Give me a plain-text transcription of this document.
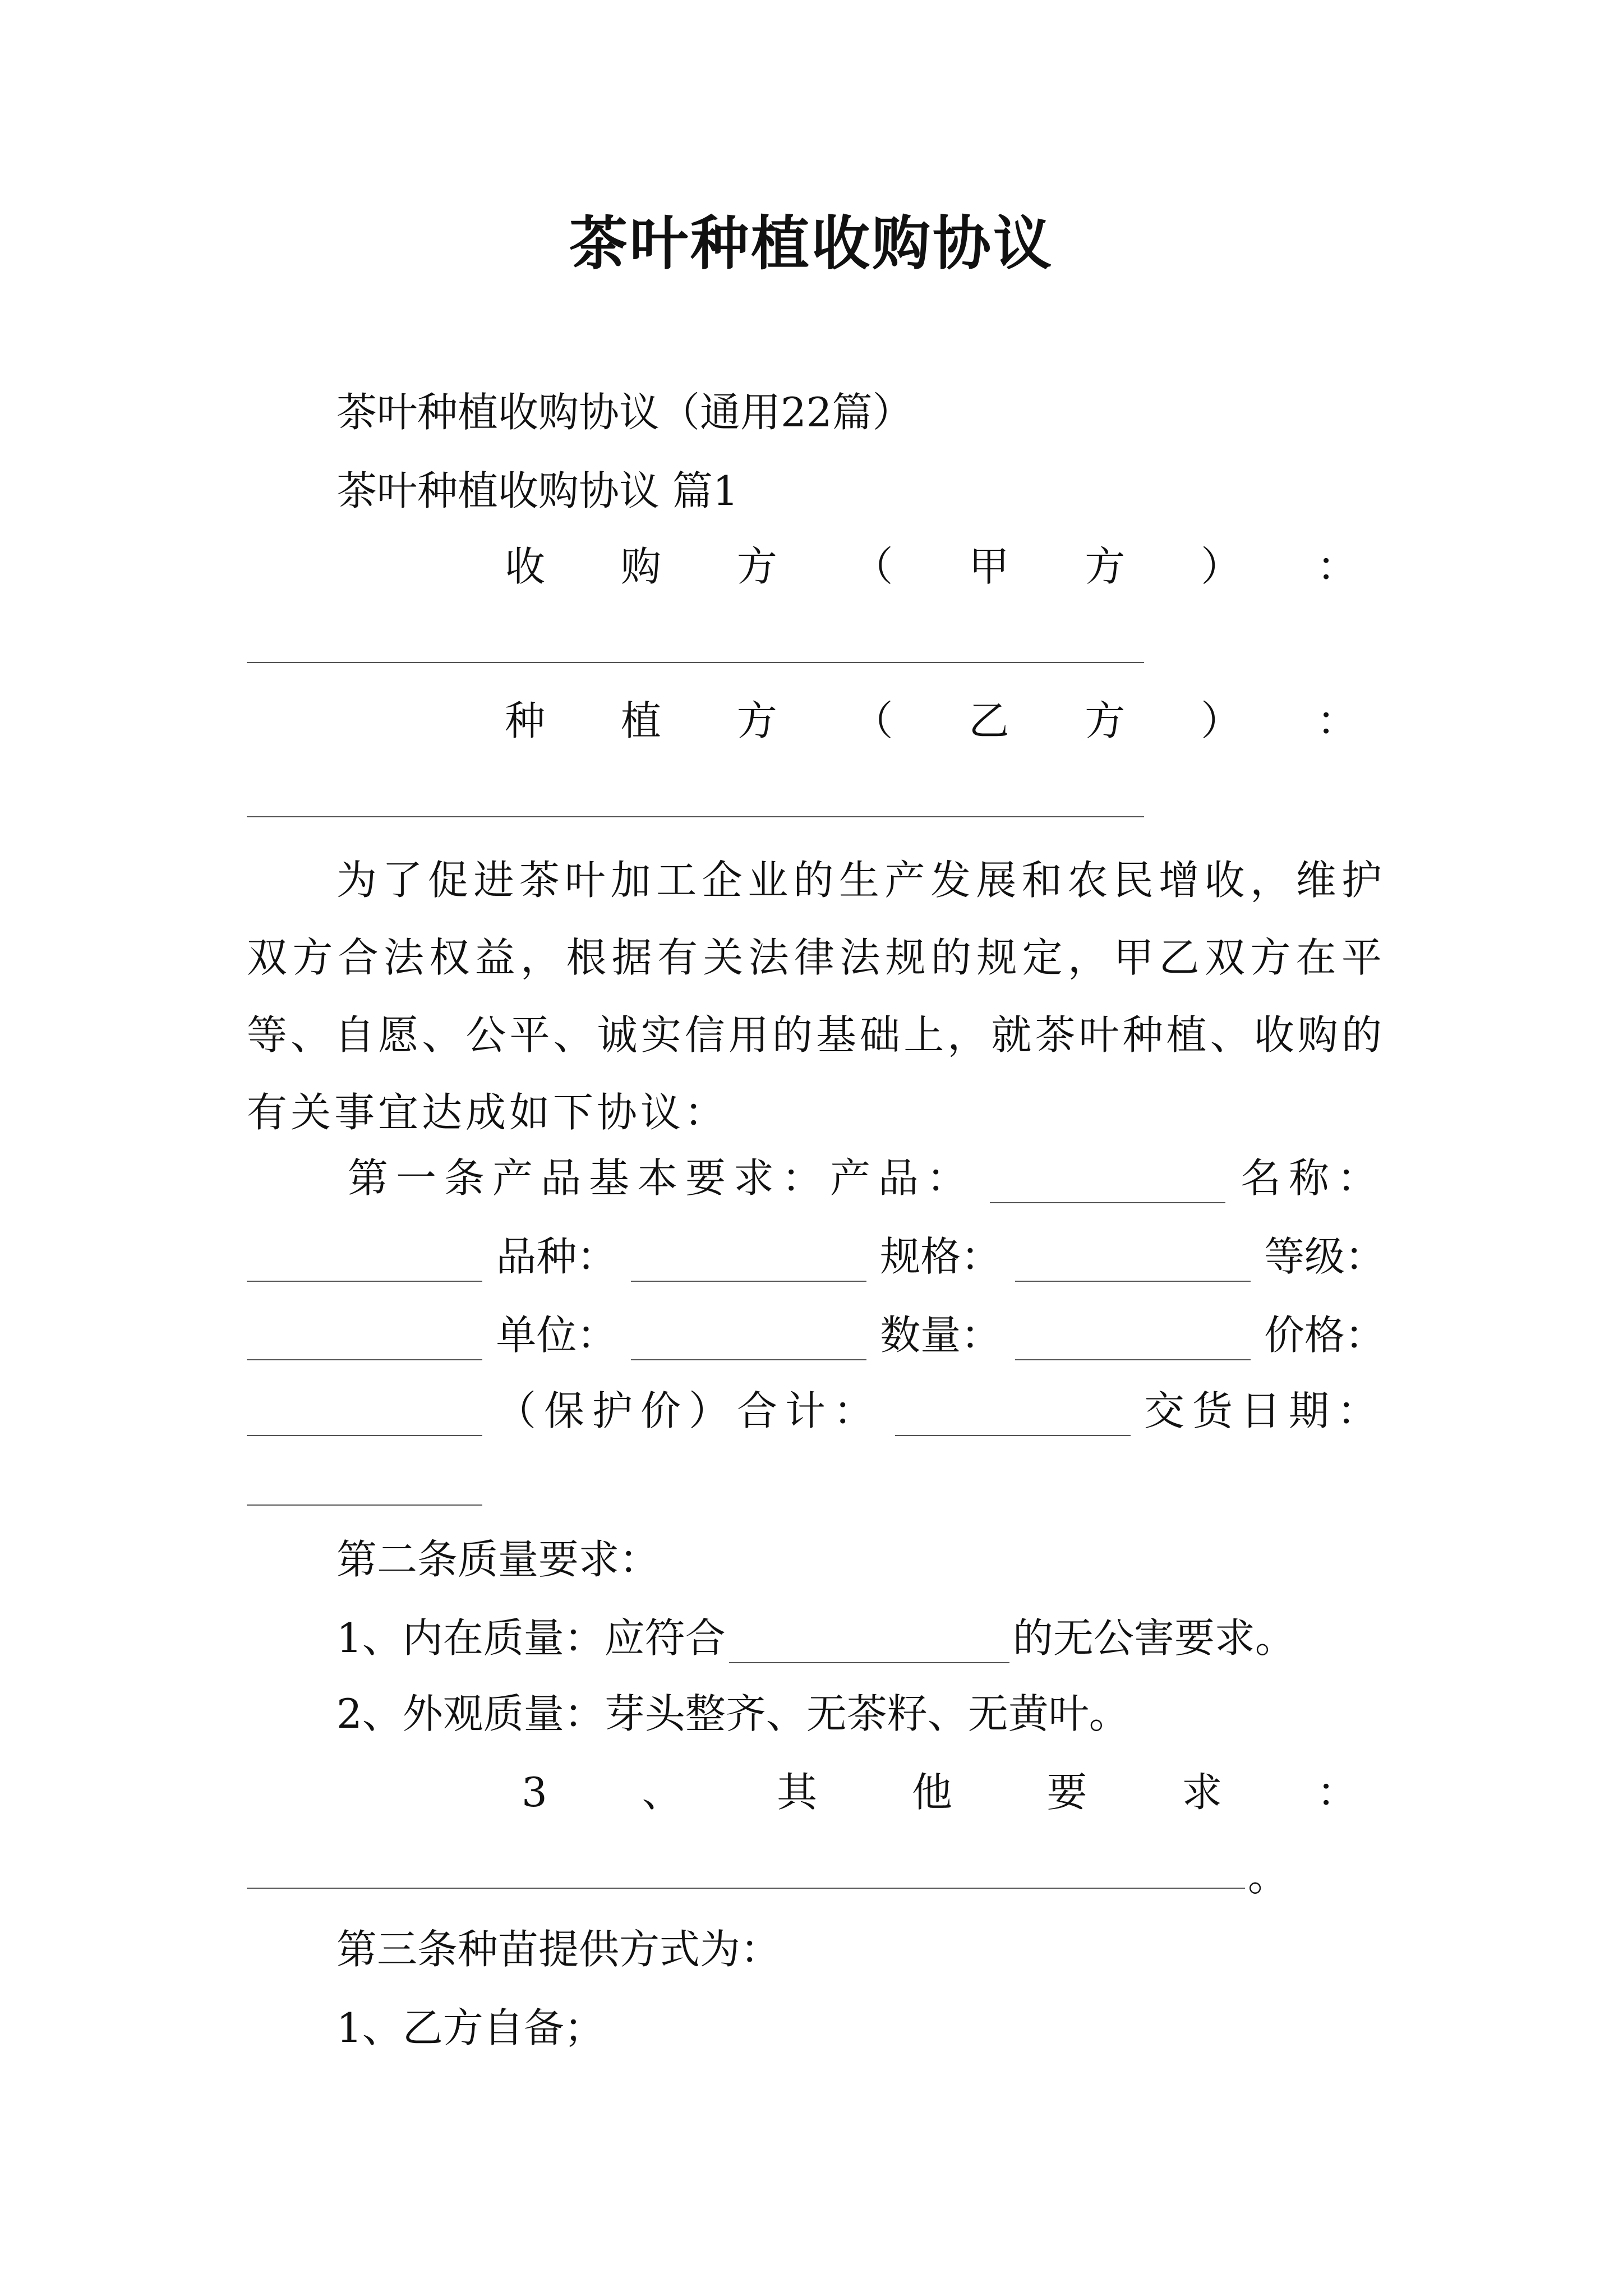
茶叶种植收购协议
茶叶种植收购协议（通用22篇）
茶叶种植收购协议 篇1
收 购 方 （ 甲 方 ） ：
种 植 方 （ 乙 方 ） ：
为了促进茶叶加工企业的生产发展和农民增收，维护双方合法权益，根据有关法律法规的规定，甲乙双方在平等、自愿、公平、诚实信用的基础上，就茶叶种植、收购的有关事宜达成如下协议：
第一条产品基本要求：产品：	名称：
品种：	规格：	等级：
单位：	数量：	价格：
（保护价）合计：	交货日期：
第二条质量要求：
1、内在质量：应符合	的无公害要求。
2、外观质量：芽头整齐、无茶籽、无黄叶。
3 、 其 他 要 求 ：
。
第三条种苗提供方式为：
1、乙方自备；
